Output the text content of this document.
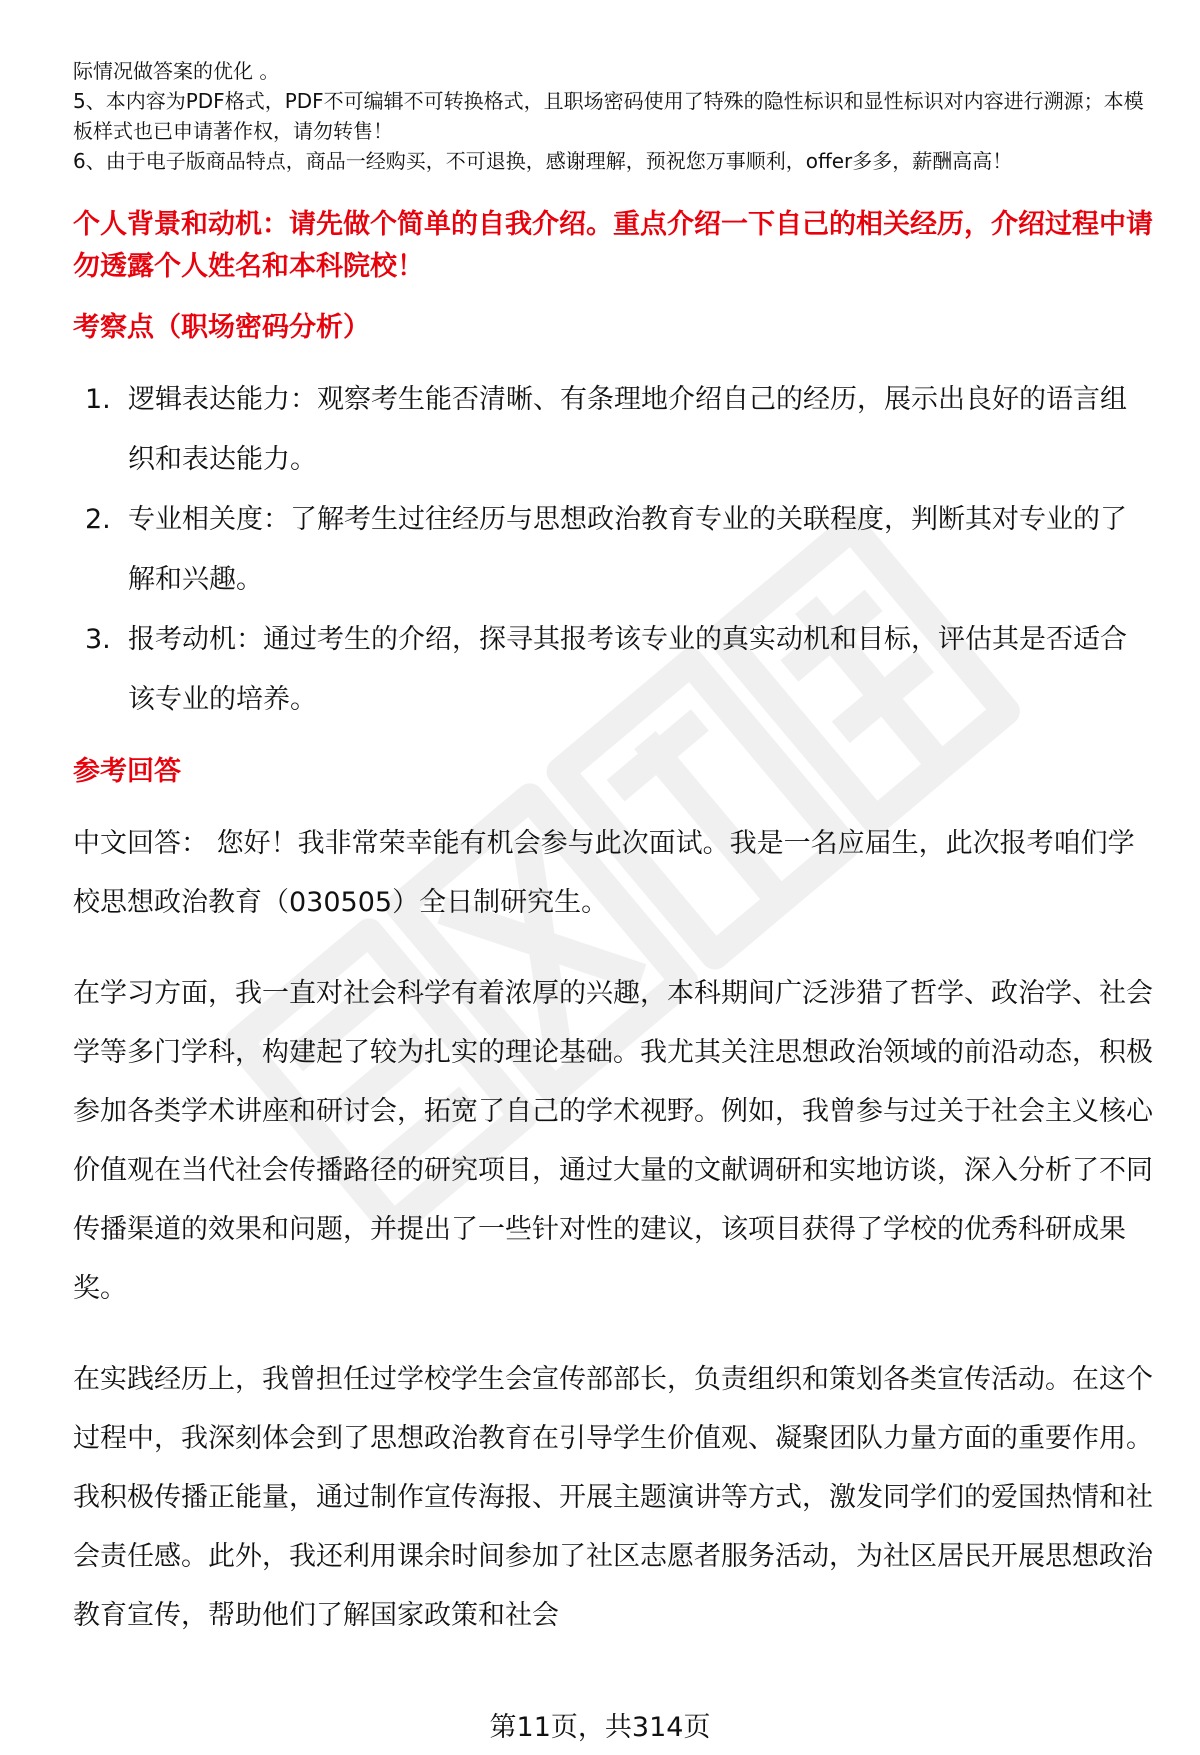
际情况做答案的优化 。

5、本内容为PDF格式，PDF不可编辑不可转换格式，且职场密码使用了特殊的隐性标识和显性标识对内容进行溯源；本模板样式也已申请著作权，请勿转售！

6、由于电子版商品特点，商品一经购买，不可退换，感谢理解，预祝您万事顺利，offer多多，薪酬高高！

个人背景和动机：请先做个简单的自我介绍。重点介绍一下自己的相关经历，介绍过程中请勿透露个人姓名和本科院校！

考察点（职场密码分析）

1. 逻辑表达能力：观察考生能否清晰、有条理地介绍自己的经历，展示出良好的语言组织和表达能力。
2. 专业相关度：了解考生过往经历与思想政治教育专业的关联程度，判断其对专业的了解和兴趣。
3. 报考动机：通过考生的介绍，探寻其报考该专业的真实动机和目标，评估其是否适合该专业的培养。

参考回答

中文回答： 您好！我非常荣幸能有机会参与此次面试。我是一名应届生，此次报考咱们学校思想政治教育（030505）全日制研究生。

在学习方面，我一直对社会科学有着浓厚的兴趣，本科期间广泛涉猎了哲学、政治学、社会学等多门学科，构建起了较为扎实的理论基础。我尤其关注思想政治领域的前沿动态，积极参加各类学术讲座和研讨会，拓宽了自己的学术视野。例如，我曾参与过关于社会主义核心价值观在当代社会传播路径的研究项目，通过大量的文献调研和实地访谈，深入分析了不同传播渠道的效果和问题，并提出了一些针对性的建议，该项目获得了学校的优秀科研成果奖。

在实践经历上，我曾担任过学校学生会宣传部部长，负责组织和策划各类宣传活动。在这个过程中，我深刻体会到了思想政治教育在引导学生价值观、凝聚团队力量方面的重要作用。我积极传播正能量，通过制作宣传海报、开展主题演讲等方式，激发同学们的爱国热情和社会责任感。此外，我还利用课余时间参加了社区志愿者服务活动，为社区居民开展思想政治教育宣传，帮助他们了解国家政策和社会

第11页，共314页
